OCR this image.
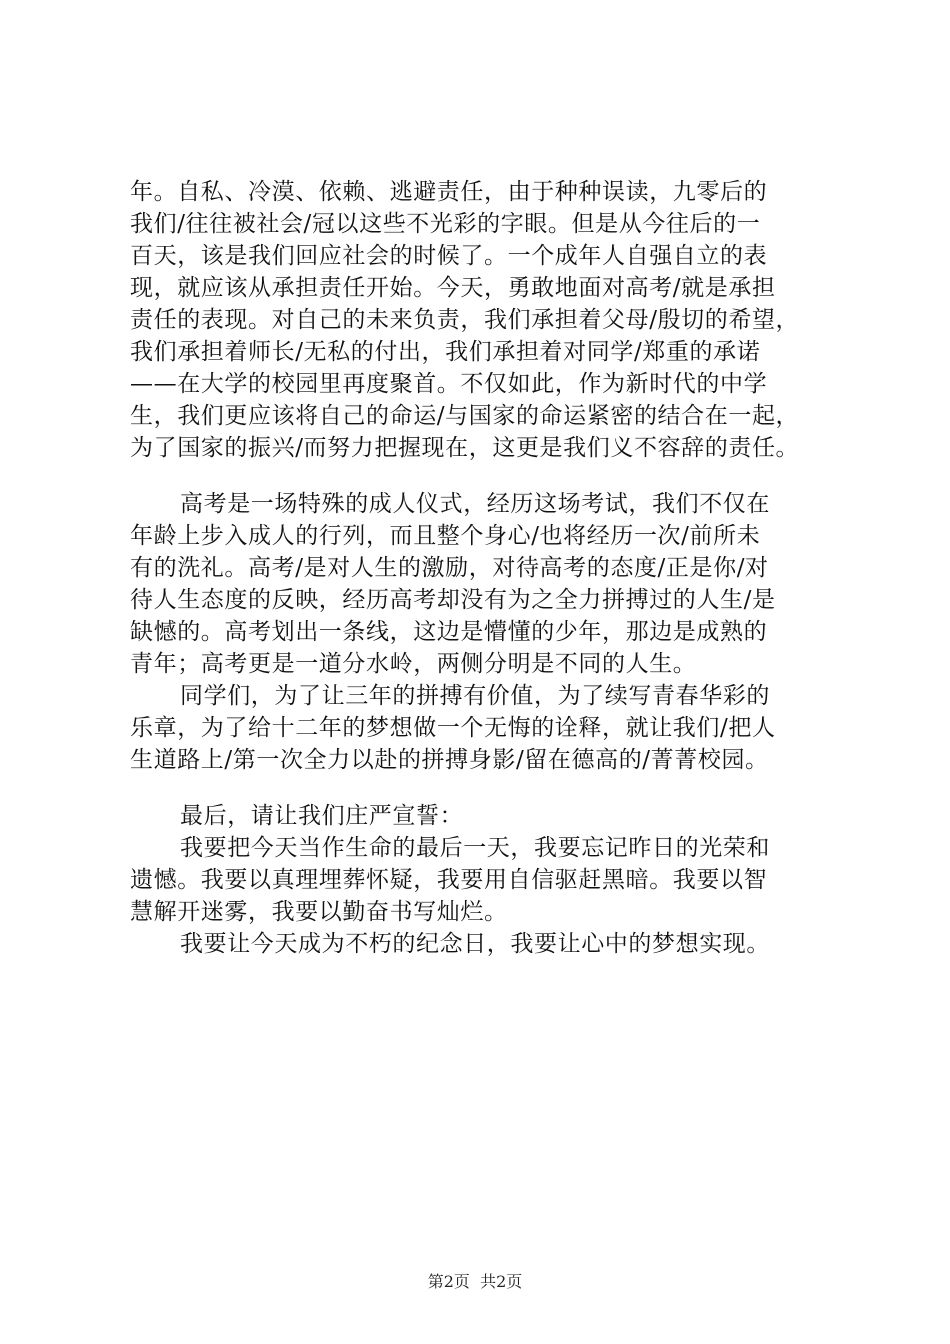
年。自私、冷漠、依赖、逃避责任，由于种种误读，九零后的
我们/往往被社会/冠以这些不光彩的字眼。但是从今往后的一
百天，该是我们回应社会的时候了。一个成年人自强自立的表
现，就应该从承担责任开始。今天，勇敢地面对高考/就是承担
责任的表现。对自己的未来负责，我们承担着父母/殷切的希望，
我们承担着师长/无私的付出，我们承担着对同学/郑重的承诺
——在大学的校园里再度聚首。不仅如此，作为新时代的中学
生，我们更应该将自己的命运/与国家的命运紧密的结合在一起，
为了国家的振兴/而努力把握现在，这更是我们义不容辞的责任。
高考是一场特殊的成人仪式，经历这场考试，我们不仅在
年龄上步入成人的行列，而且整个身心/也将经历一次/前所未
有的洗礼。高考/是对人生的激励，对待高考的态度/正是你/对
待人生态度的反映，经历高考却没有为之全力拼搏过的人生/是
缺憾的。高考划出一条线，这边是懵懂的少年，那边是成熟的
青年；高考更是一道分水岭，两侧分明是不同的人生。
同学们，为了让三年的拼搏有价值，为了续写青春华彩的
乐章，为了给十二年的梦想做一个无悔的诠释，就让我们/把人
生道路上/第一次全力以赴的拼搏身影/留在德高的/菁菁校园。
最后，请让我们庄严宣誓：
我要把今天当作生命的最后一天，我要忘记昨日的光荣和
遗憾。我要以真理埋葬怀疑，我要用自信驱赶黑暗。我要以智
慧解开迷雾，我要以勤奋书写灿烂。
我要让今天成为不朽的纪念日，我要让心中的梦想实现。
第2页  共2页
